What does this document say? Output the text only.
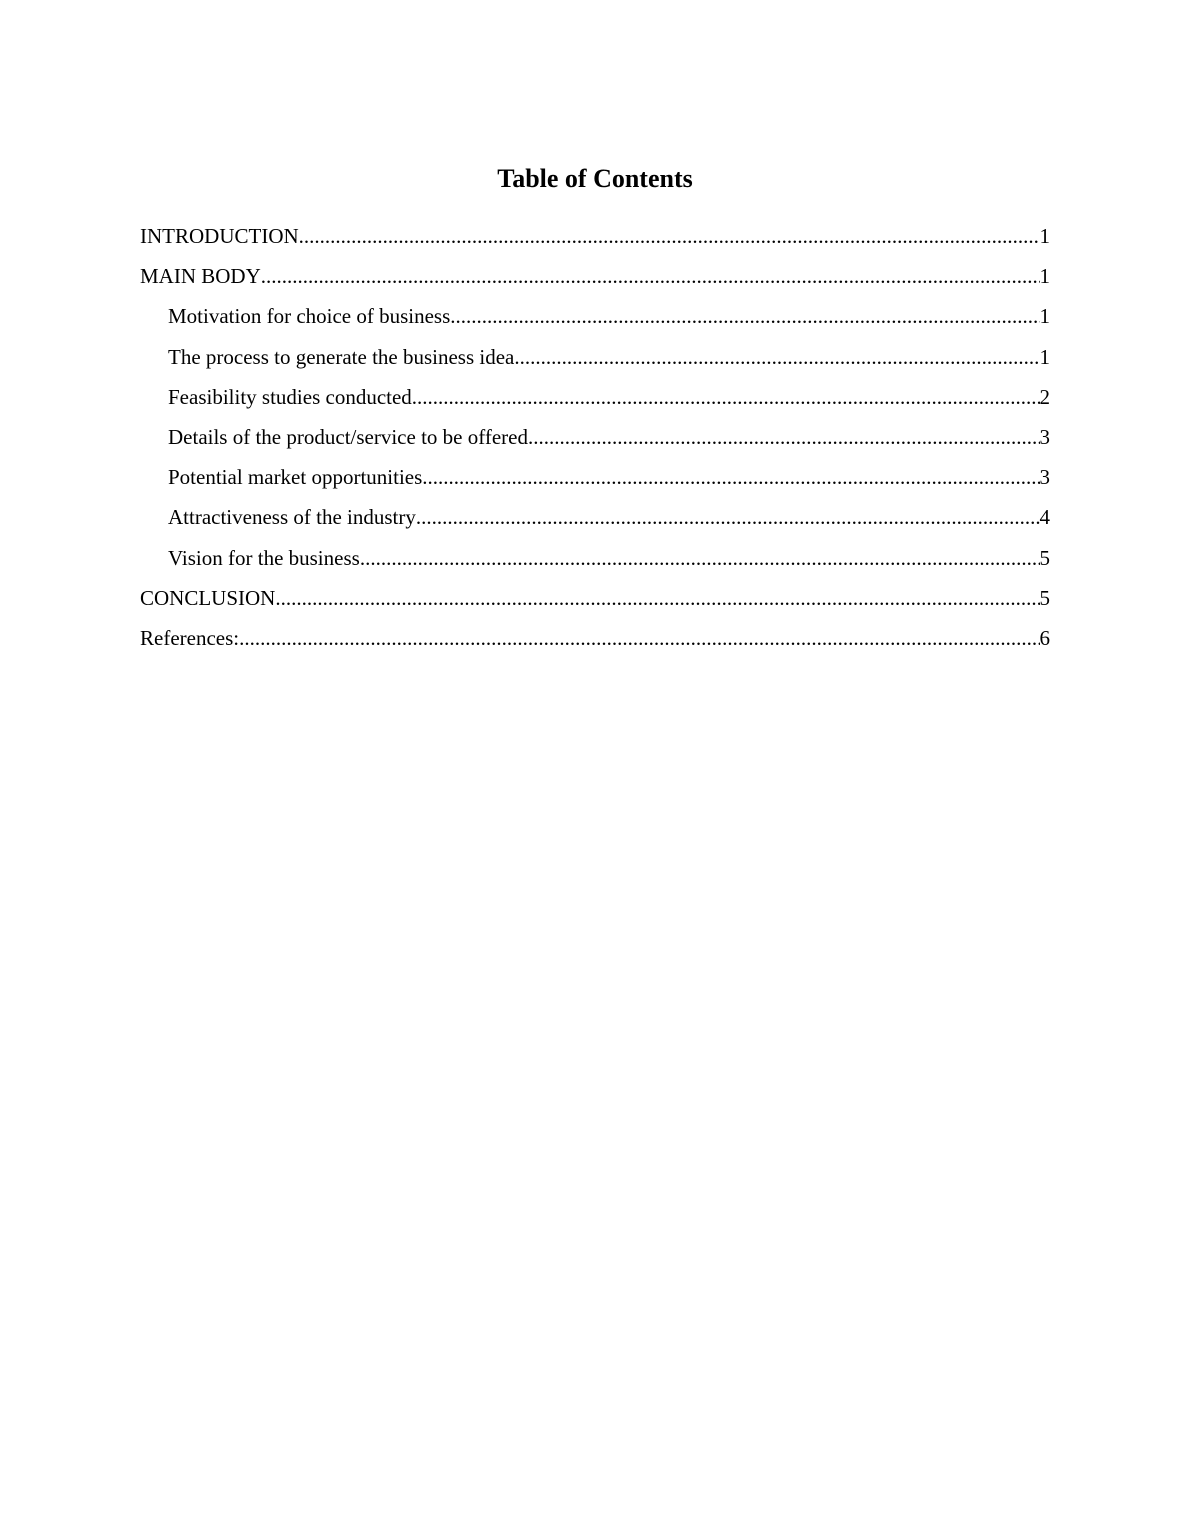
Table of Contents
INTRODUCTION .....	1
MAIN BODY .....	1
Motivation for choice of business .....	1
The process to generate the business idea .....	1
Feasibility studies conducted .....	2
Details of the product/service to be offered .....	3
Potential market opportunities .....	3
Attractiveness of the industry .....	4
Vision for the business .....	5
CONCLUSION .....	5
References: .....	6
